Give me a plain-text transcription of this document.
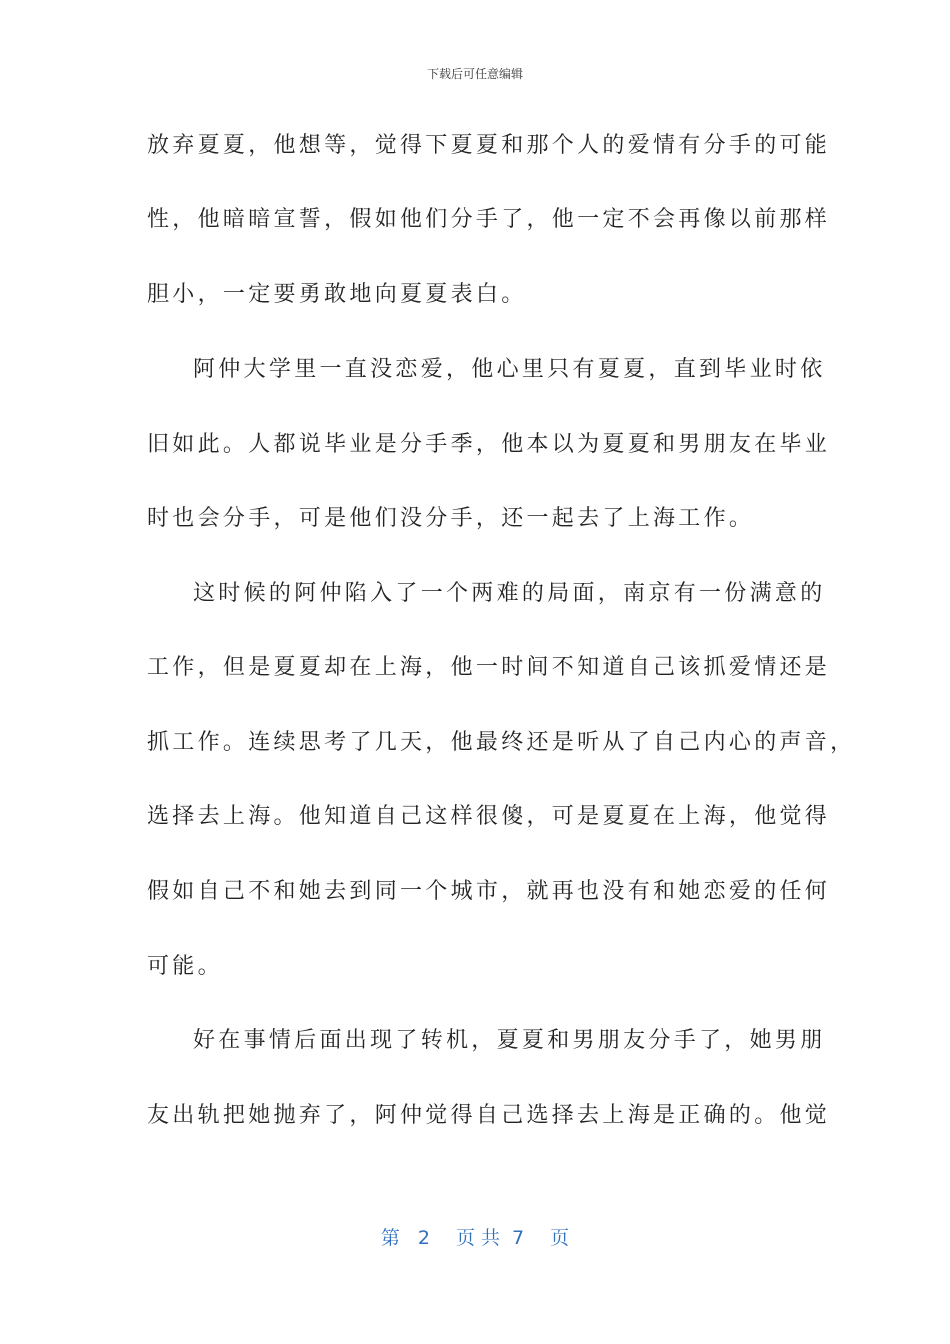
下载后可任意编辑
放弃夏夏，他想等，觉得下夏夏和那个人的爱情有分手的可能
性，他暗暗宣誓，假如他们分手了，他一定不会再像以前那样
胆小，一定要勇敢地向夏夏表白。
阿仲大学里一直没恋爱，他心里只有夏夏，直到毕业时依
旧如此。人都说毕业是分手季，他本以为夏夏和男朋友在毕业
时也会分手，可是他们没分手，还一起去了上海工作。
这时候的阿仲陷入了一个两难的局面，南京有一份满意的
工作，但是夏夏却在上海，他一时间不知道自己该抓爱情还是
抓工作。连续思考了几天，他最终还是听从了自己内心的声音，
选择去上海。他知道自己这样很傻，可是夏夏在上海，他觉得
假如自己不和她去到同一个城市，就再也没有和她恋爱的任何
可能。
好在事情后面出现了转机，夏夏和男朋友分手了，她男朋
友出轨把她抛弃了，阿仲觉得自己选择去上海是正确的。他觉
第 2 页 共 7 页
